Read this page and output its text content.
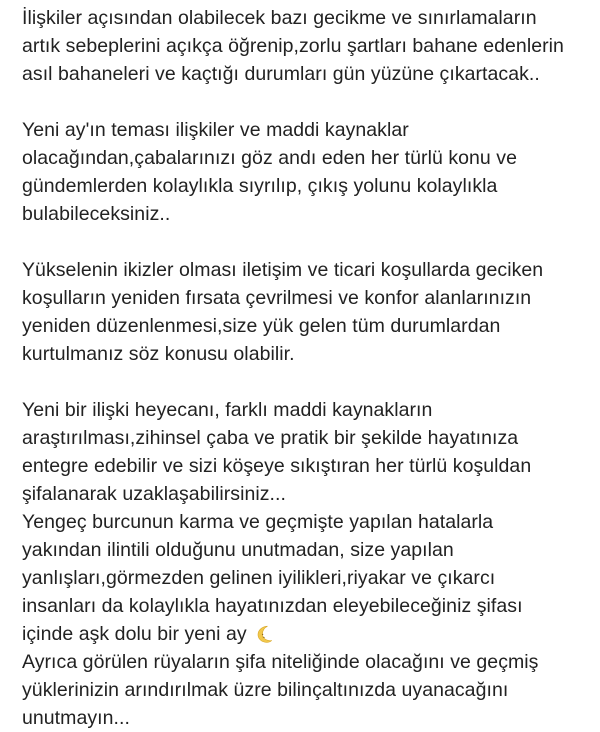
İlişkiler açısından olabilecek bazı gecikme ve sınırlamaların
artık sebeplerini açıkça öğrenip,zorlu şartları bahane edenlerin
asıl bahaneleri ve kaçtığı durumları gün yüzüne çıkartacak..
Yeni ay'ın teması ilişkiler ve maddi kaynaklar
olacağından,çabalarınızı göz andı eden her türlü konu ve
gündemlerden kolaylıkla sıyrılıp, çıkış yolunu kolaylıkla
bulabileceksiniz..
Yükselenin ikizler olması iletişim ve ticari koşullarda geciken
koşulların yeniden fırsata çevrilmesi ve konfor alanlarınızın
yeniden düzenlenmesi,size yük gelen tüm durumlardan
kurtulmanız söz konusu olabilir.
Yeni bir ilişki heyecanı, farklı maddi kaynakların
araştırılması,zihinsel çaba ve pratik bir şekilde hayatınıza
entegre edebilir ve sizi köşeye sıkıştıran her türlü koşuldan
şifalanarak uzaklaşabilirsiniz...
Yengeç burcunun karma ve geçmişte yapılan hatalarla
yakından ilintili olduğunu unutmadan, size yapılan
yanlışları,görmezden gelinen iyilikleri,riyakar ve çıkarcı
insanları da kolaylıkla hayatınızdan eleyebileceğiniz şifası
içinde aşk dolu bir yeni ay
Ayrıca görülen rüyaların şifa niteliğinde olacağını ve geçmiş
yüklerinizin arındırılmak üzre bilinçaltınızda uyanacağını
unutmayın...
